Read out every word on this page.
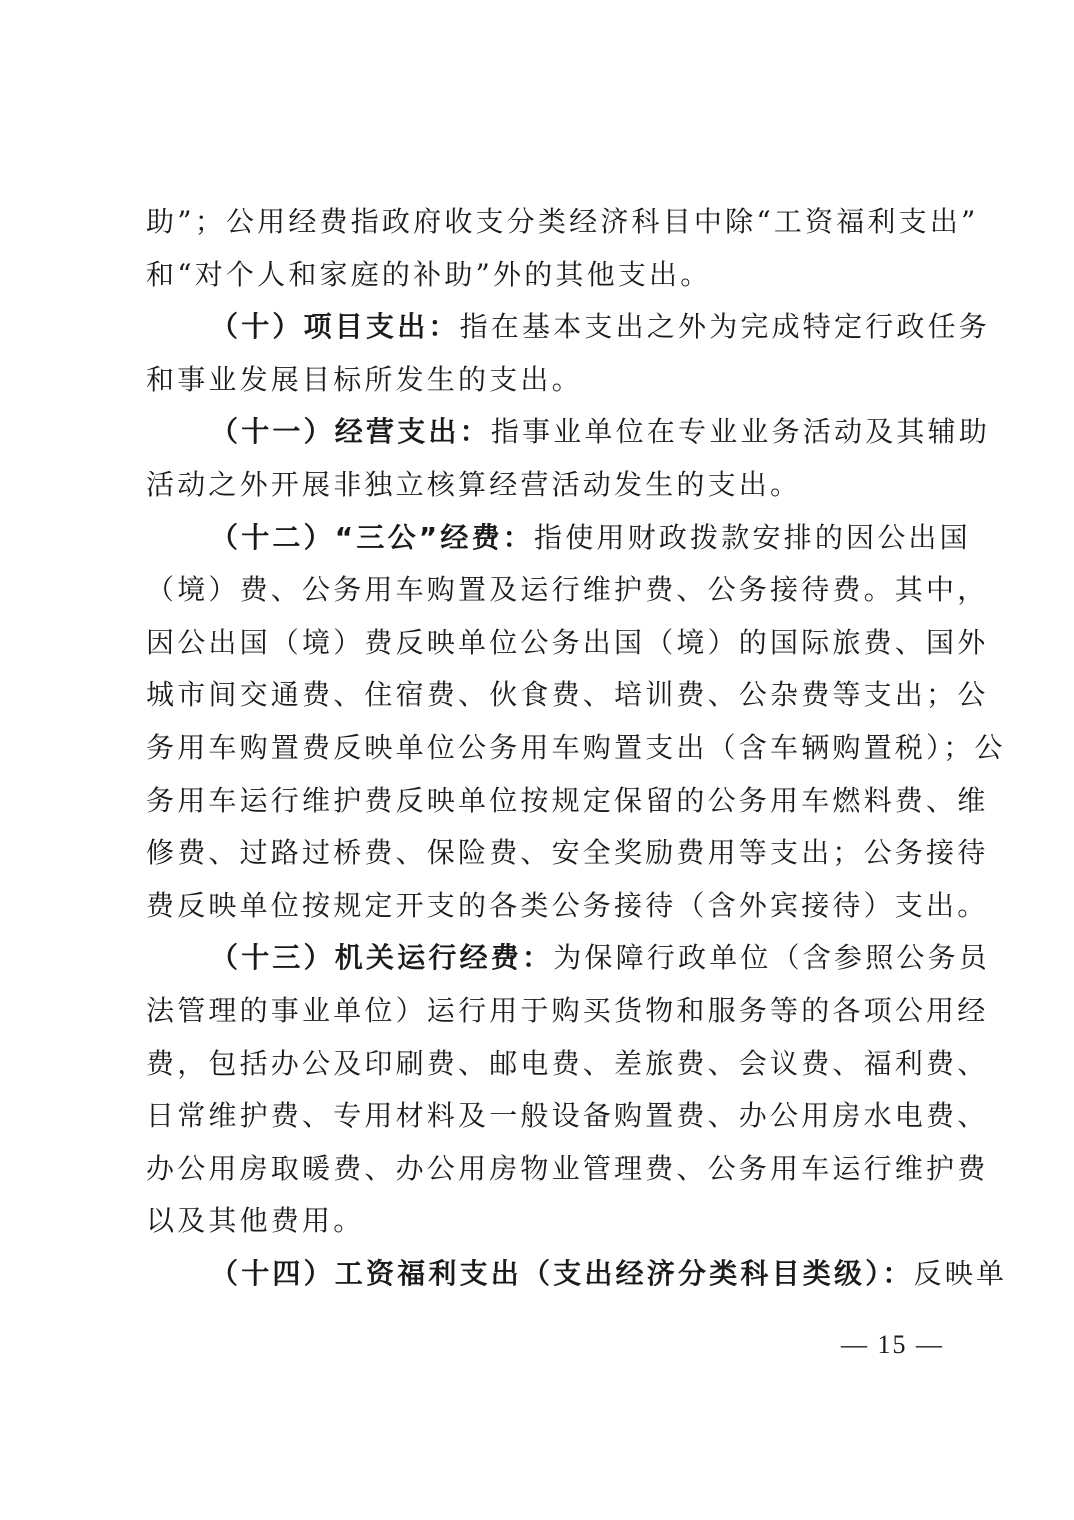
助”；公用经费指政府收支分类经济科目中除“工资福利支出”
和“对个人和家庭的补助”外的其他支出。
（十）项目支出：指在基本支出之外为完成特定行政任务
和事业发展目标所发生的支出。
（十一）经营支出：指事业单位在专业业务活动及其辅助
活动之外开展非独立核算经营活动发生的支出。
（十二）“三公”经费：指使用财政拨款安排的因公出国
（境）费、公务用车购置及运行维护费、公务接待费。其中，
因公出国（境）费反映单位公务出国（境）的国际旅费、国外
城市间交通费、住宿费、伙食费、培训费、公杂费等支出；公
务用车购置费反映单位公务用车购置支出（含车辆购置税）；公
务用车运行维护费反映单位按规定保留的公务用车燃料费、维
修费、过路过桥费、保险费、安全奖励费用等支出；公务接待
费反映单位按规定开支的各类公务接待（含外宾接待）支出。
（十三）机关运行经费：为保障行政单位（含参照公务员
法管理的事业单位）运行用于购买货物和服务等的各项公用经
费，包括办公及印刷费、邮电费、差旅费、会议费、福利费、
日常维护费、专用材料及一般设备购置费、办公用房水电费、
办公用房取暖费、办公用房物业管理费、公务用车运行维护费
以及其他费用。
（十四）工资福利支出（支出经济分类科目类级）：反映单
— 15 —
